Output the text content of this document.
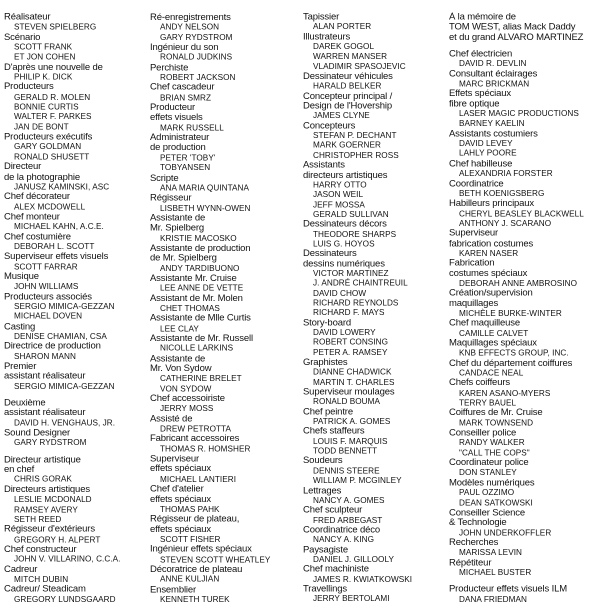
Réalisateur
STEVEN SPIELBERG
Scénario
SCOTT FRANK
ET JON COHEN
D'après une nouvelle de
PHILIP K. DICK
Producteurs
GERALD R. MOLEN
BONNIE CURTIS
WALTER F. PARKES
JAN DE BONT
Producteurs exécutifs
GARY GOLDMAN
RONALD SHUSETT
Directeur
de la photographie
JANUSZ KAMINSKI, ASC
Chef décorateur
ALEX MCDOWELL
Chef monteur
MICHAEL KAHN, A.C.E.
Chef costumière
DEBORAH L. SCOTT
Superviseur effets visuels
SCOTT FARRAR
Musique
JOHN WILLIAMS
Producteurs associés
SERGIO MIMICA-GEZZAN
MICHAEL DOVEN
Casting
DENISE CHAMIAN, CSA
Directrice de production
SHARON MANN
Premier
assistant réalisateur
SERGIO MIMICA-GEZZAN
Deuxième
assistant réalisateur
DAVID H. VENGHAUS, JR.
Sound Designer
GARY RYDSTROM
Directeur artistique
en chef
CHRIS GORAK
Directeurs artistiques
LESLIE MCDONALD
RAMSEY AVERY
SETH REED
Régisseur d'extérieurs
GREGORY H. ALPERT
Chef constructeur
JOHN V. VILLARINO, C.C.A.
Cadreur
MITCH DUBIN
Cadreur/ Steadicam
GREGORY LUNDSGAARD
Ré-enregistrements
ANDY NELSON
GARY RYDSTROM
Ingénieur du son
RONALD JUDKINS
Perchiste
ROBERT JACKSON
Chef cascadeur
BRIAN SMRZ
Producteur
effets visuels
MARK RUSSELL
Administrateur
de production
PETER 'TOBY'
TOBYANSEN
Scripte
ANA MARIA QUINTANA
Régisseur
LISBETH WYNN-OWEN
Assistante de
Mr. Spielberg
KRISTIE MACOSKO
Assistante de production
de Mr. Spielberg
ANDY TARDIBUONO
Assistante Mr. Cruise
LEE ANNE DE VETTE
Assistant de Mr. Molen
CHET THOMAS
Assistante de Mlle Curtis
LEE CLAY
Assistante de Mr. Russell
NICOLLE LARKINS
Assistante de
Mr. Von Sydow
CATHERINE BRELET
VON SYDOW
Chef accessoiriste
JERRY MOSS
Assisté de
DREW PETROTTA
Fabricant accessoires
THOMAS R. HOMSHER
Superviseur
effets spéciaux
MICHAEL LANTIERI
Chef d'atelier
effets spéciaux
THOMAS PAHK
Régisseur de plateau,
effets spéciaux
SCOTT FISHER
Ingénieur effets spéciaux
STEVEN SCOTT WHEATLEY
Décoratrice de plateau
ANNE KULJIAN
Ensemblier
KENNETH TUREK
Tapissier
ALAN PORTER
Illustrateurs
DAREK GOGOL
WARREN MANSER
VLADIMIR SPASOJEVIC
Dessinateur véhicules
HARALD BELKER
Concepteur principal /
Design de l'Hovership
JAMES CLYNE
Concepteurs
STEFAN P. DECHANT
MARK GOERNER
CHRISTOPHER ROSS
Assistants
directeurs artistiques
HARRY OTTO
JASON WEIL
JEFF MOSSA
GERALD SULLIVAN
Dessinateurs décors
THEODORE SHARPS
LUIS G. HOYOS
Dessinateurs
dessins numériques
VICTOR MARTINEZ
J. ANDRÉ CHAINTREUIL
DAVID CHOW
RICHARD REYNOLDS
RICHARD F. MAYS
Story-board
DAVID LOWERY
ROBERT CONSING
PETER A. RAMSEY
Graphistes
DIANNE CHADWICK
MARTIN T. CHARLES
Superviseur moulages
RONALD BOUMA
Chef peintre
PATRICK A. GOMES
Chefs staffeurs
LOUIS F. MARQUIS
TODD BENNETT
Soudeurs
DENNIS STEERE
WILLIAM P. MCGINLEY
Lettrages
NANCY A. GOMES
Chef sculpteur
FRED ARBEGAST
Coordinatrice déco
NANCY A. KING
Paysagiste
DANIEL J. GILLOOLY
Chef machiniste
JAMES R. KWIATKOWSKI
Travellings
JERRY BERTOLAMI
À la mémoire de
TOM WEST, alias Mack Daddy
et du grand ALVARO MARTINEZ
Chef électricien
DAVID R. DEVLIN
Consultant éclairages
MARC BRICKMAN
Effets spéciaux
fibre optique
LASER MAGIC PRODUCTIONS
BARNEY KAELIN
Assistants costumiers
DAVID LEVEY
LAHLY POORE
Chef habilleuse
ALEXANDRIA FORSTER
Coordinatrice
BETH KOENIGSBERG
Habilleurs principaux
CHERYL BEASLEY BLACKWELL
ANTHONY J. SCARANO
Superviseur
fabrication costumes
KAREN NASER
Fabrication
costumes spéciaux
DEBORAH ANNE AMBROSINO
Création/supervision
maquillages
MICHÈLE BURKE-WINTER
Chef maquilleuse
CAMILLE CALVET
Maquillages spéciaux
KNB EFFECTS GROUP, INC.
Chef du département coiffures
CANDACE NEAL
Chefs coiffeurs
KAREN ASANO-MYERS
TERRY BAUEL
Coiffures de Mr. Cruise
MARK TOWNSEND
Conseiller police
RANDY WALKER
"CALL THE COPS"
Coordinateur police
DON STANLEY
Modèles numériques
PAUL OZZIMO
DEAN SATKOWSKI
Conseiller Science
& Technologie
JOHN UNDERKOFFLER
Recherches
MARISSA LEVIN
Répétiteur
MICHAEL BUSTER
Producteur effets visuels ILM
DANA FRIEDMAN
